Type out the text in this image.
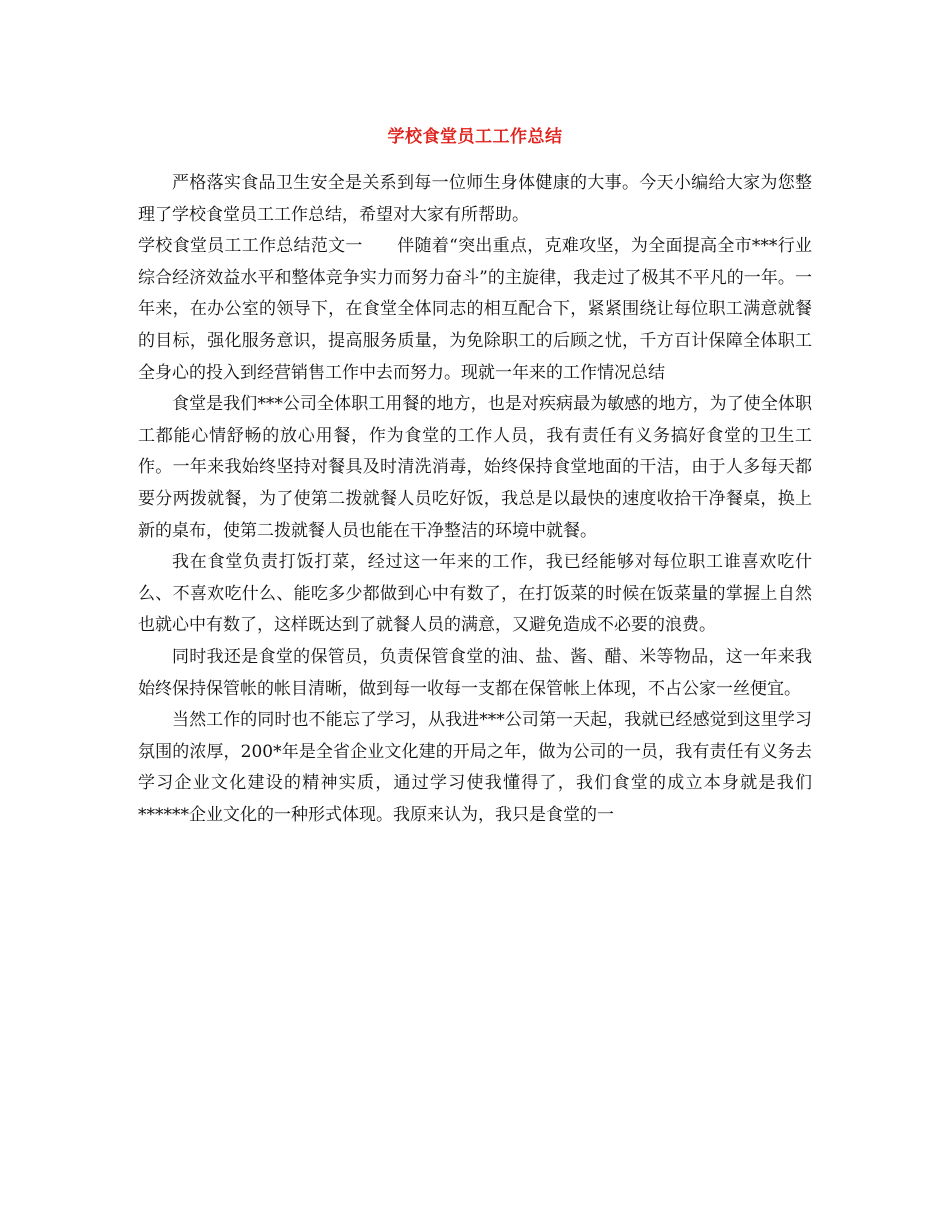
学校食堂员工工作总结

严格落实食品卫生安全是关系到每一位师生身体健康的大事。今天小编给大家为您整理了学校食堂员工工作总结，希望对大家有所帮助。

学校食堂员工工作总结范文一　　伴随着“突出重点，克难攻坚，为全面提高全市***行业综合经济效益水平和整体竞争实力而努力奋斗”的主旋律，我走过了极其不平凡的一年。一年来，在办公室的领导下，在食堂全体同志的相互配合下，紧紧围绕让每位职工满意就餐的目标，强化服务意识，提高服务质量，为免除职工的后顾之忧，千方百计保障全体职工全身心的投入到经营销售工作中去而努力。现就一年来的工作情况总结

食堂是我们***公司全体职工用餐的地方，也是对疾病最为敏感的地方，为了使全体职工都能心情舒畅的放心用餐，作为食堂的工作人员，我有责任有义务搞好食堂的卫生工作。一年来我始终坚持对餐具及时清洗消毒，始终保持食堂地面的干洁，由于人多每天都要分两拨就餐，为了使第二拨就餐人员吃好饭，我总是以最快的速度收拾干净餐桌，换上新的桌布，使第二拨就餐人员也能在干净整洁的环境中就餐。

我在食堂负责打饭打菜，经过这一年来的工作，我已经能够对每位职工谁喜欢吃什么、不喜欢吃什么、能吃多少都做到心中有数了，在打饭菜的时候在饭菜量的掌握上自然也就心中有数了，这样既达到了就餐人员的满意，又避免造成不必要的浪费。

同时我还是食堂的保管员，负责保管食堂的油、盐、酱、醋、米等物品，这一年来我始终保持保管帐的帐目清晰，做到每一收每一支都在保管帐上体现，不占公家一丝便宜。

当然工作的同时也不能忘了学习，从我进***公司第一天起，我就已经感觉到这里学习氛围的浓厚，200*年是全省企业文化建的开局之年，做为公司的一员，我有责任有义务去学习企业文化建设的精神实质，通过学习使我懂得了，我们食堂的成立本身就是我们******企业文化的一种形式体现。我原来认为，我只是食堂的一
